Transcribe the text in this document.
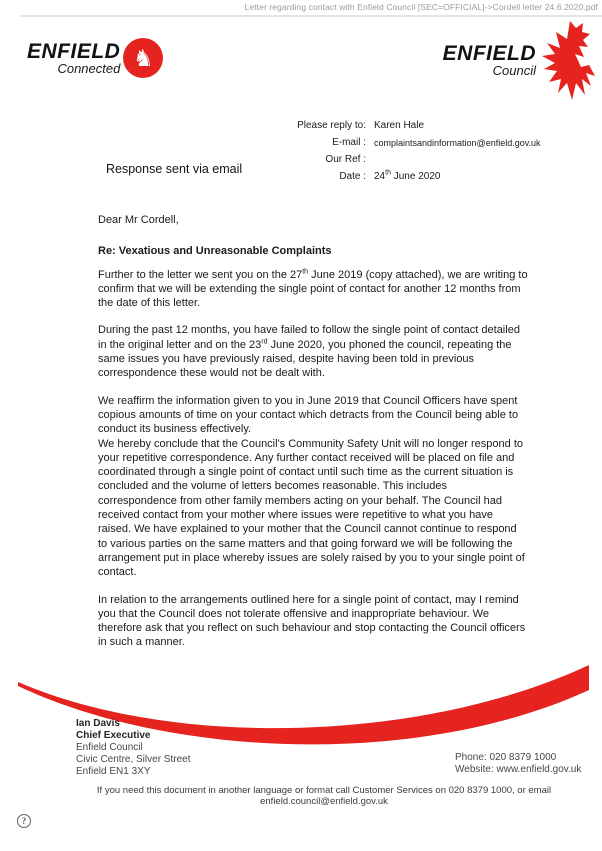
Letter regarding contact with Enfield Council [SEC=OFFICIAL]->Cordell letter 24.6.2020.pdf
ENFIELD
Connected ♞	ENFIELD
Council
Please reply to: Karen Hale
E-mail : complaintsandinformation@enfield.gov.uk
Our Ref :
Date : 24th June 2020
Response sent via email
Dear Mr Cordell,
Re: Vexatious and Unreasonable Complaints

Further to the letter we sent you on the 27th June 2019 (copy attached), we are writing to confirm that we will be extending the single point of contact for another 12 months from the date of this letter.

During the past 12 months, you have failed to follow the single point of contact detailed in the original letter and on the 23rd June 2020, you phoned the council, repeating the same issues you have previously raised, despite having been told in previous correspondence these would not be dealt with.

We reaffirm the information given to you in June 2019 that Council Officers have spent copious amounts of time on your contact which detracts from the Council being able to conduct its business effectively.

We hereby conclude that the Council's Community Safety Unit will no longer respond to your repetitive correspondence. Any further contact received will be placed on file and coordinated through a single point of contact until such time as the current situation is concluded and the volume of letters becomes reasonable. This includes correspondence from other family members acting on your behalf. The Council had received contact from your mother where issues were repetitive to what you have raised. We have explained to your mother that the Council cannot continue to respond to various parties on the same matters and that going forward we will be following the arrangement put in place whereby issues are solely raised by you to your single point of contact.

In relation to the arrangements outlined here for a single point of contact, may I remind you that the Council does not tolerate offensive and inappropriate behaviour. We therefore ask that you reflect on such behaviour and stop contacting the Council officers in such a manner.

Ian Davis
Chief Executive
Enfield Council
Civic Centre, Silver Street
Enfield EN1 3XY
Phone: 020 8379 1000
Website: www.enfield.gov.uk
If you need this document in another language or format call Customer Services on 020 8379 1000, or email enfield.council@enfield.gov.uk
?
